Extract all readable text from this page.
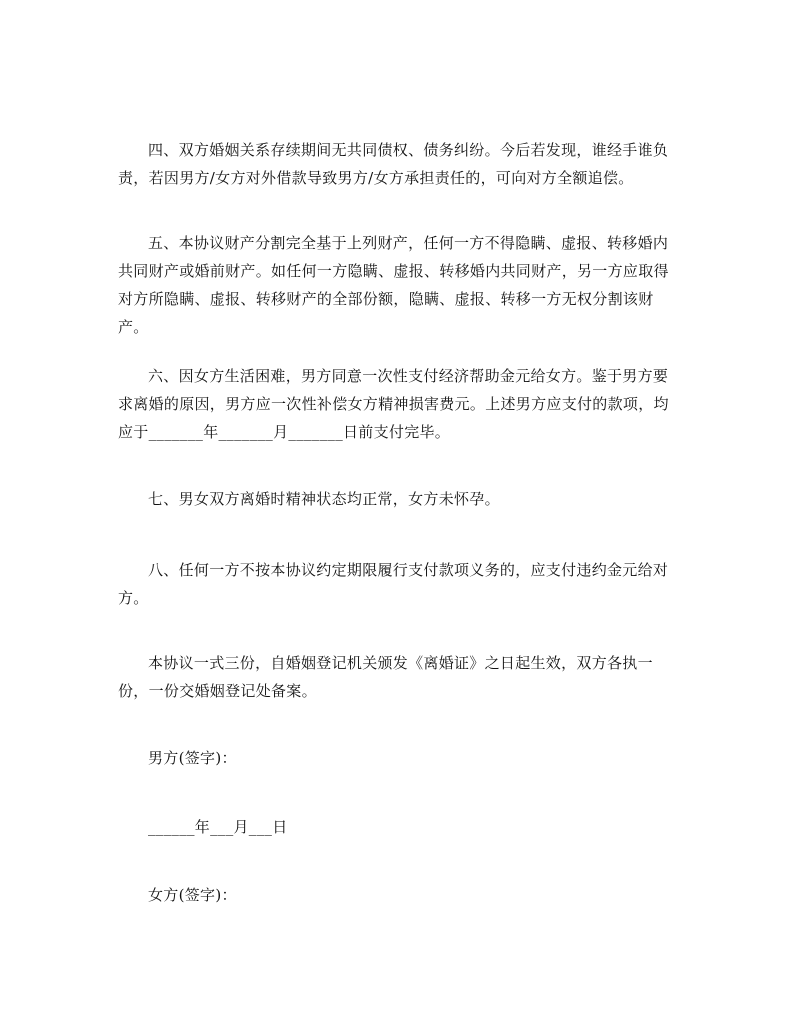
四、双方婚姻关系存续期间无共同债权、债务纠纷。今后若发现，谁经手谁负责，若因男方/女方对外借款导致男方/女方承担责任的，可向对方全额追偿。

五、本协议财产分割完全基于上列财产，任何一方不得隐瞒、虚报、转移婚内共同财产或婚前财产。如任何一方隐瞒、虚报、转移婚内共同财产，另一方应取得对方所隐瞒、虚报、转移财产的全部份额，隐瞒、虚报、转移一方无权分割该财产。

六、因女方生活困难，男方同意一次性支付经济帮助金元给女方。鉴于男方要求离婚的原因，男方应一次性补偿女方精神损害费元。上述男方应支付的款项，均应于_______年_______月_______日前支付完毕。

七、男女双方离婚时精神状态均正常，女方未怀孕。

八、任何一方不按本协议约定期限履行支付款项义务的，应支付违约金元给对方。

本协议一式三份，自婚姻登记机关颁发《离婚证》之日起生效，双方各执一份，一份交婚姻登记处备案。

男方(签字)：

______年___月___日

女方(签字)：
